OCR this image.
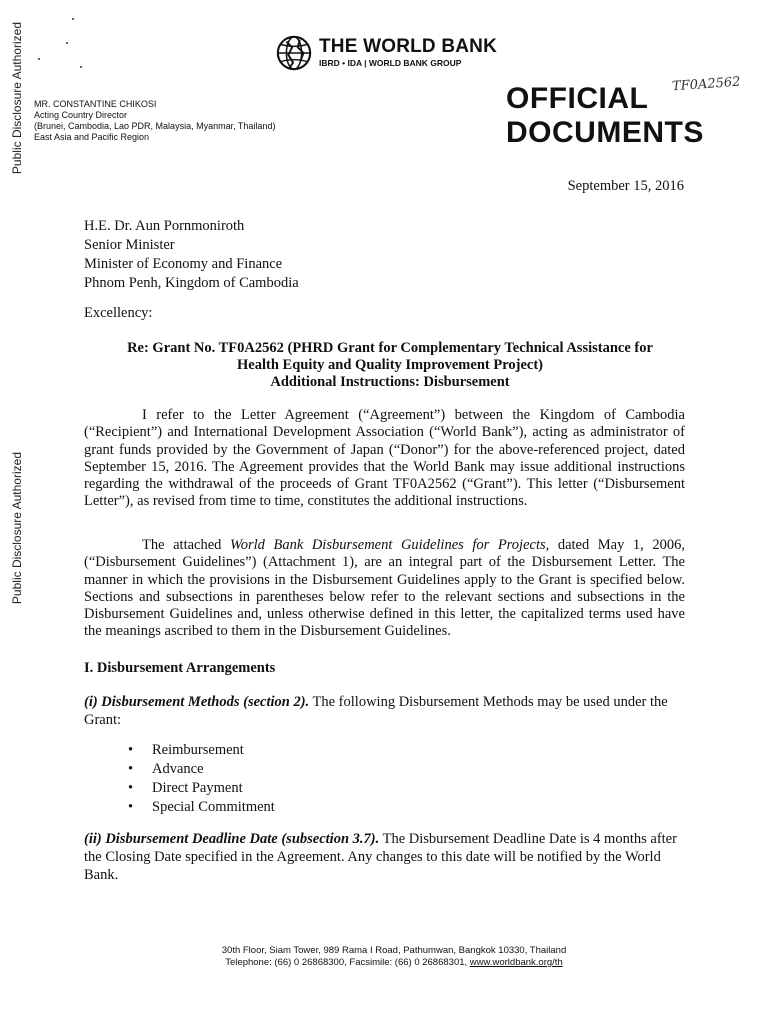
Public Disclosure Authorized
Public Disclosure Authorized
THE WORLD BANK
IBRD • IDA | WORLD BANK GROUP
MR. CONSTANTINE CHIKOSI
Acting Country Director
(Brunei, Cambodia, Lao PDR, Malaysia, Myanmar, Thailand)
East Asia and Pacific Region
OFFICIAL
DOCUMENTS
TF0A2562
September 15, 2016
H.E. Dr. Aun Pornmoniroth
Senior Minister
Minister of Economy and Finance
Phnom Penh, Kingdom of Cambodia
Excellency:
Re: Grant No. TF0A2562 (PHRD Grant for Complementary Technical Assistance for
Health Equity and Quality Improvement Project)
Additional Instructions: Disbursement
I refer to the Letter Agreement (“Agreement”) between the Kingdom of Cambodia (“Recipient”) and International Development Association (“World Bank”), acting as administrator of grant funds provided by the Government of Japan (“Donor”) for the above-referenced project, dated September 15, 2016. The Agreement provides that the World Bank may issue additional instructions regarding the withdrawal of the proceeds of Grant TF0A2562 (“Grant”). This letter (“Disbursement Letter”), as revised from time to time, constitutes the additional instructions.
The attached World Bank Disbursement Guidelines for Projects, dated May 1, 2006, (“Disbursement Guidelines”) (Attachment 1), are an integral part of the Disbursement Letter. The manner in which the provisions in the Disbursement Guidelines apply to the Grant is specified below. Sections and subsections in parentheses below refer to the relevant sections and subsections in the Disbursement Guidelines and, unless otherwise defined in this letter, the capitalized terms used have the meanings ascribed to them in the Disbursement Guidelines.
I. Disbursement Arrangements
(i) Disbursement Methods (section 2). The following Disbursement Methods may be used under the Grant:
• Reimbursement
• Advance
• Direct Payment
• Special Commitment
(ii) Disbursement Deadline Date (subsection 3.7). The Disbursement Deadline Date is 4 months after the Closing Date specified in the Agreement. Any changes to this date will be notified by the World Bank.
30th Floor, Siam Tower, 989 Rama I Road, Pathumwan, Bangkok 10330, Thailand
Telephone: (66) 0 26868300, Facsimile: (66) 0 26868301, www.worldbank.org/th
